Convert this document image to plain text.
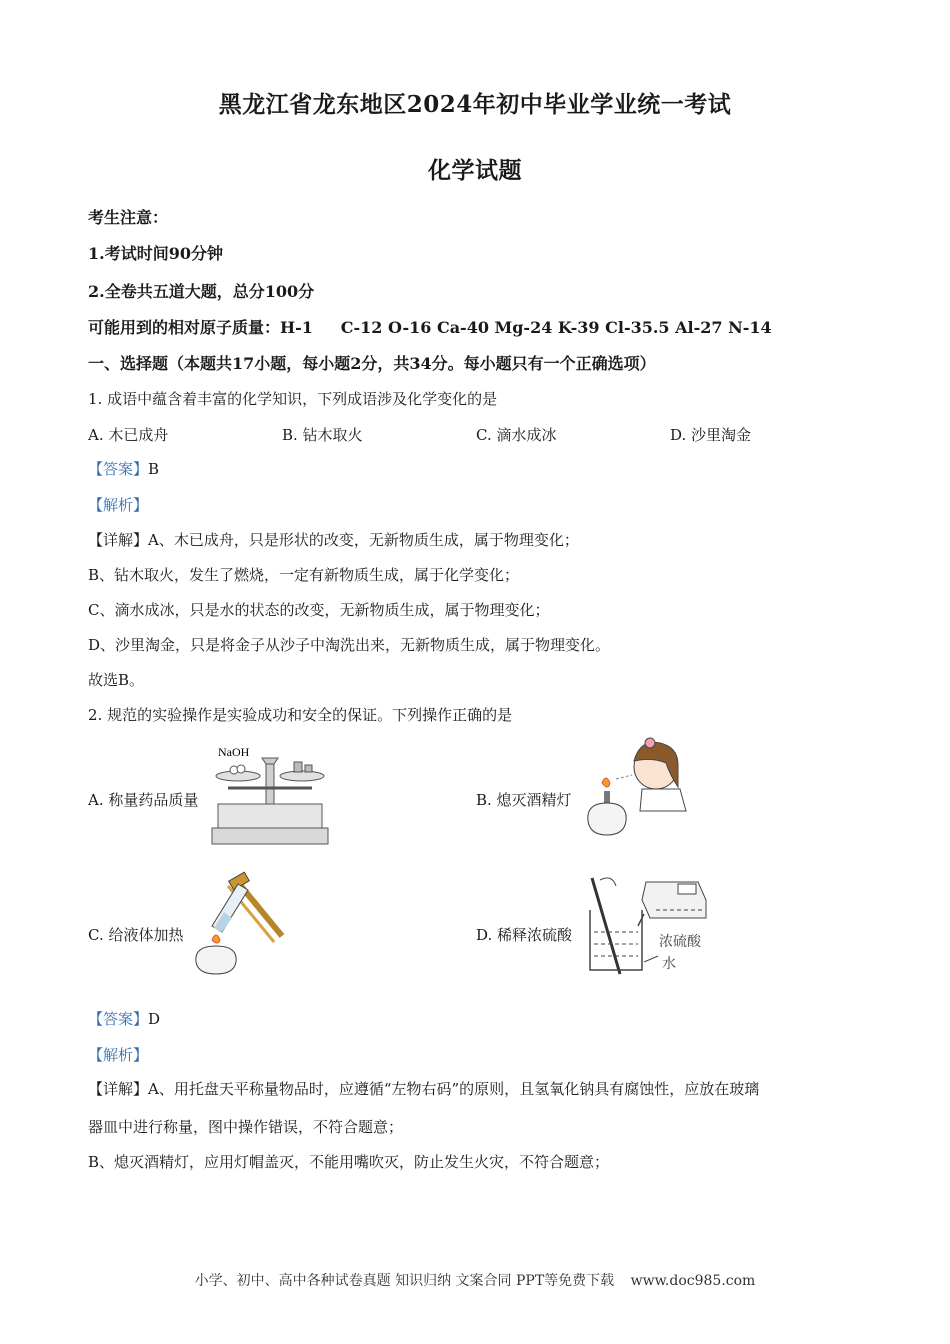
黑龙江省龙东地区2024年初中毕业学业统一考试
化学试题
考生注意：
1.考试时间90分钟
2.全卷共五道大题，总分100分
可能用到的相对原子质量：H-1     C-12 O-16 Ca-40 Mg-24 K-39 Cl-35.5 Al-27 N-14
一、选择题（本题共17小题，每小题2分，共34分。每小题只有一个正确选项）
1. 成语中蕴含着丰富的化学知识，下列成语涉及化学变化的是
A. 木已成舟	B. 钻木取火	C. 滴水成冰	D. 沙里淘金
【答案】B
【解析】
【详解】A、木已成舟，只是形状的改变，无新物质生成，属于物理变化；
B、钻木取火，发生了燃烧，一定有新物质生成，属于化学变化；
C、滴水成冰，只是水的状态的改变，无新物质生成，属于物理变化；
D、沙里淘金，只是将金子从沙子中淘洗出来，无新物质生成，属于物理变化。
故选B。
2. 规范的实验操作是实验成功和安全的保证。下列操作正确的是
A. 称量药品质量	B. 熄灭酒精灯
C. 给液体加热	D. 稀释浓硫酸
NaOH
浓硫酸
水
【答案】D
【解析】
【详解】A、用托盘天平称量物品时，应遵循“左物右码”的原则，且氢氧化钠具有腐蚀性，应放在玻璃
器皿中进行称量，图中操作错误，不符合题意；
B、熄灭酒精灯，应用灯帽盖灭，不能用嘴吹灭，防止发生火灾，不符合题意；
小学、初中、高中各种试卷真题 知识归纳 文案合同 PPT等免费下载 www.doc985.com
